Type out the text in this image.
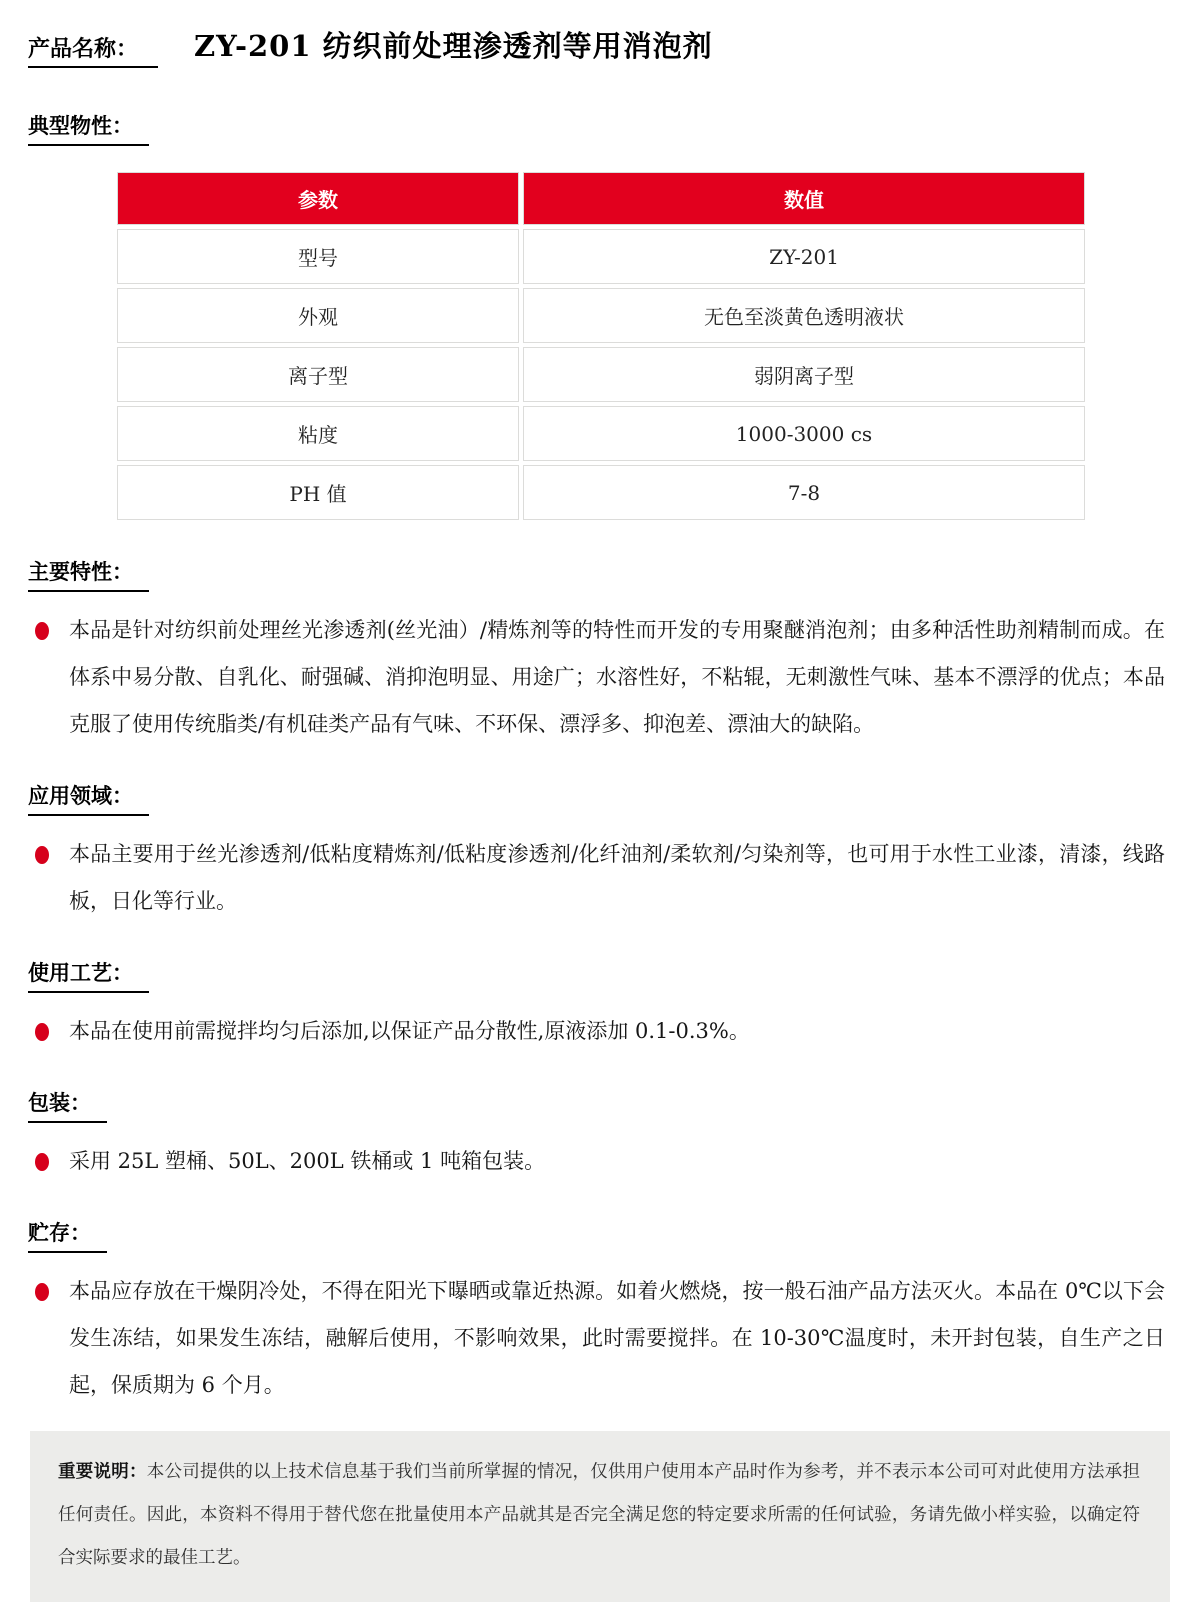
产品名称：	ZY-201 纺织前处理渗透剂等用消泡剂
典型物性：
参数	数值
型号	ZY-201
外观	无色至淡黄色透明液状
离子型	弱阴离子型
粘度	1000-3000 cs
PH 值	7-8
主要特性：
本品是针对纺织前处理丝光渗透剂(丝光油）/精炼剂等的特性而开发的专用聚醚消泡剂；由多种活性助剂精制而成。在体系中易分散、自乳化、耐强碱、消抑泡明显、用途广；水溶性好，不粘辊，无刺激性气味、基本不漂浮的优点；本品克服了使用传统脂类/有机硅类产品有气味、不环保、漂浮多、抑泡差、漂油大的缺陷。
应用领域：
本品主要用于丝光渗透剂/低粘度精炼剂/低粘度渗透剂/化纤油剂/柔软剂/匀染剂等，也可用于水性工业漆，清漆，线路板，日化等行业。
使用工艺：
本品在使用前需搅拌均匀后添加,以保证产品分散性,原液添加 0.1-0.3%。
包装：
采用 25L 塑桶、50L、200L 铁桶或 1 吨箱包装。
贮存：
本品应存放在干燥阴冷处，不得在阳光下曝晒或靠近热源。如着火燃烧，按一般石油产品方法灭火。本品在 0℃以下会发生冻结，如果发生冻结，融解后使用，不影响效果，此时需要搅拌。在 10-30℃温度时，未开封包装，自生产之日起，保质期为 6 个月。
重要说明：本公司提供的以上技术信息基于我们当前所掌握的情况，仅供用户使用本产品时作为参考，并不表示本公司可对此使用方法承担任何责任。因此，本资料不得用于替代您在批量使用本产品就其是否完全满足您的特定要求所需的任何试验，务请先做小样实验，以确定符合实际要求的最佳工艺。
